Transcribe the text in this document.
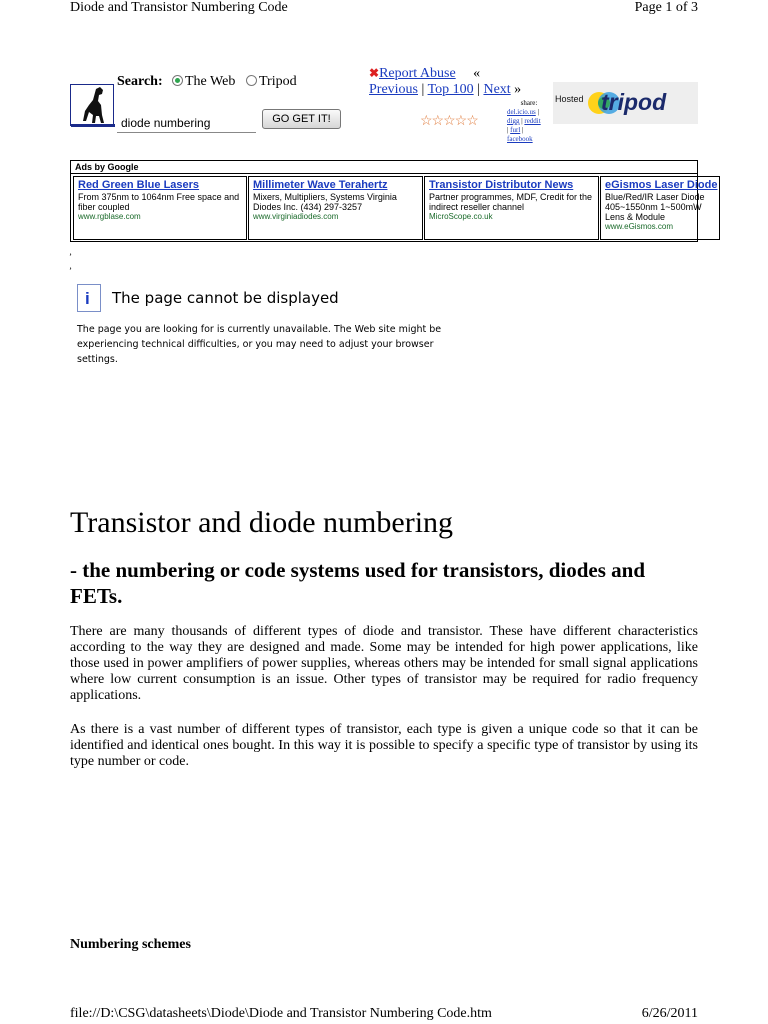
Diode and Transistor Numbering Code	Page 1 of 3
Search:	The Web	Tripod
diode numbering
GO GET IT!
✖Report Abuse «
Previous | Top 100 | Next »
☆☆☆☆☆
share:
del.icio.us |
digg | reddit
| furl |
facebook
Hosted tripod
Ads by Google
Red Green Blue Lasers
From 375nm to 1064nm Free space and fiber coupled
www.rgblase.com
Millimeter Wave Terahertz
Mixers, Multipliers, Systems Virginia Diodes Inc. (434) 297-3257
www.virginiadiodes.com
Transistor Distributor News
Partner programmes, MDF, Credit for the indirect reseller channel
MicroScope.co.uk
eGismos Laser Diode
Blue/Red/IR Laser Diode 405~1550nm 1~500mW Lens & Module
www.eGismos.com
ʼ
ʼ
i The page cannot be displayed
The page you are looking for is currently unavailable. The Web site might be experiencing technical difficulties, or you may need to adjust your browser settings.
Transistor and diode numbering
- the numbering or code systems used for transistors, diodes and FETs.
There are many thousands of different types of diode and transistor. These have different characteristics according to the way they are designed and made. Some may be intended for high power applications, like those used in power amplifiers of power supplies, whereas others may be intended for small signal applications where low current consumption is an issue. Other types of transistor may be required for radio frequency applications.
As there is a vast number of different types of transistor, each type is given a unique code so that it can be identified and identical ones bought. In this way it is possible to specify a specific type of transistor by using its type number or code.
Numbering schemes
file://D:\CSG\datasheets\Diode\Diode and Transistor Numbering Code.htm	6/26/2011
